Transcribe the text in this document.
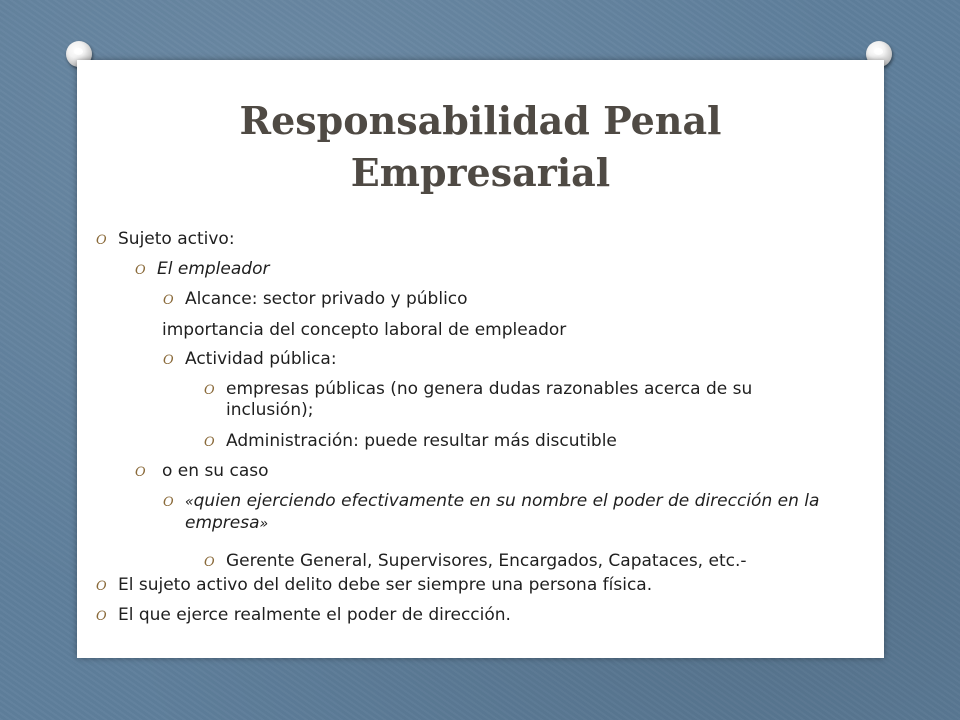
Responsabilidad Penal
Empresarial
O Sujeto activo:
O El empleador
O Alcance: sector privado y público
importancia del concepto laboral de empleador
O Actividad pública:
O empresas públicas (no genera dudas razonables acerca de su inclusión);
O Administración: puede resultar más discutible
O o en su caso
O «quien ejerciendo efectivamente en su nombre el poder de dirección en la empresa»
O Gerente General, Supervisores, Encargados, Capataces, etc.-
O El sujeto activo del delito debe ser siempre una persona física.
O El que ejerce realmente el poder de dirección.
